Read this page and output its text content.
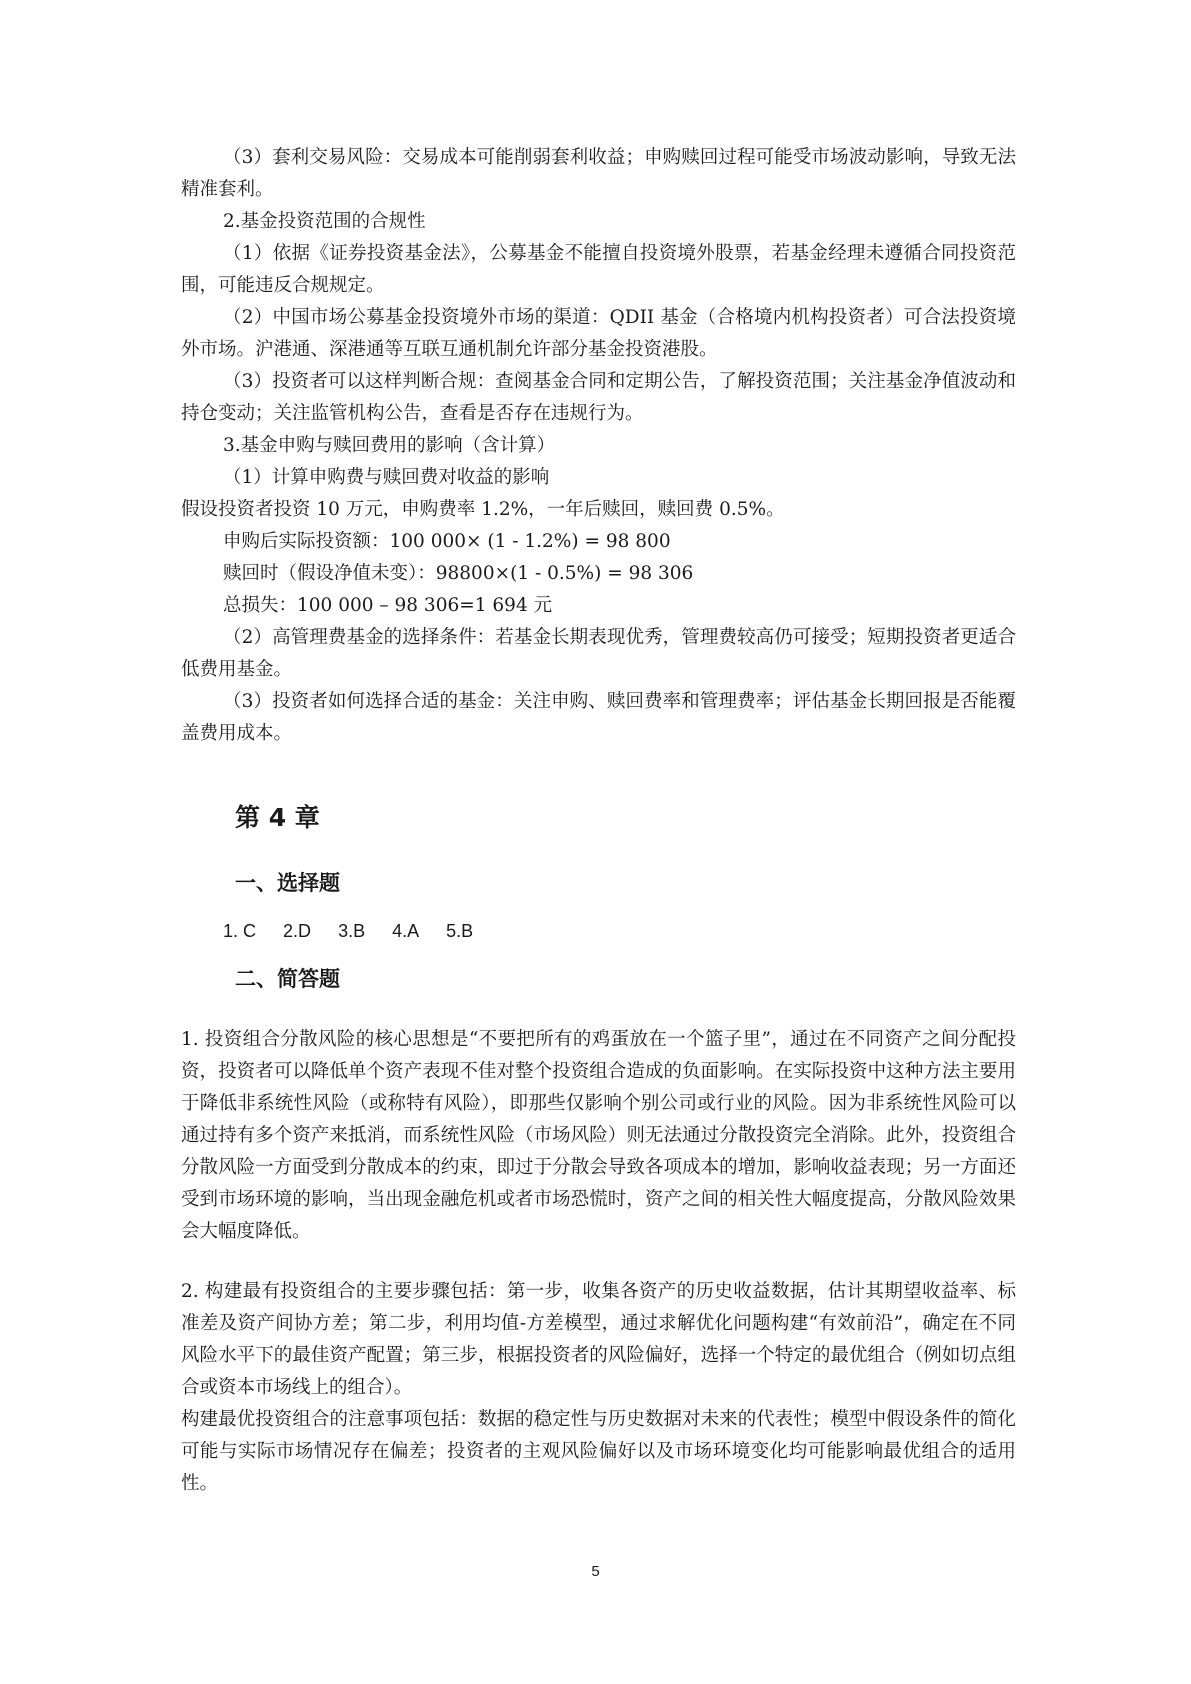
（3）套利交易风险：交易成本可能削弱套利收益；申购赎回过程可能受市场波动影响，导致无法精准套利。

2.基金投资范围的合规性

（1）依据《证券投资基金法》，公募基金不能擅自投资境外股票，若基金经理未遵循合同投资范围，可能违反合规规定。

（2）中国市场公募基金投资境外市场的渠道：QDII 基金（合格境内机构投资者）可合法投资境外市场。沪港通、深港通等互联互通机制允许部分基金投资港股。

（3）投资者可以这样判断合规：查阅基金合同和定期公告，了解投资范围；关注基金净值波动和持仓变动；关注监管机构公告，查看是否存在违规行为。

3.基金申购与赎回费用的影响（含计算）

（1）计算申购费与赎回费对收益的影响

假设投资者投资 10 万元，申购费率 1.2%，一年后赎回，赎回费 0.5%。

申购后实际投资额：100 000× (1 - 1.2%) = 98 800

赎回时（假设净值未变）：98800×(1 - 0.5%) = 98 306

总损失：100 000 – 98 306=1 694 元

（2）高管理费基金的选择条件：若基金长期表现优秀，管理费较高仍可接受；短期投资者更适合低费用基金。

（3）投资者如何选择合适的基金：关注申购、赎回费率和管理费率；评估基金长期回报是否能覆盖费用成本。

第 4 章
一、选择题

1. C 2.D 3.B 4.A 5.B

二、简答题

1. 投资组合分散风险的核心思想是“不要把所有的鸡蛋放在一个篮子里”，通过在不同资产之间分配投资，投资者可以降低单个资产表现不佳对整个投资组合造成的负面影响。在实际投资中这种方法主要用于降低非系统性风险（或称特有风险），即那些仅影响个别公司或行业的风险。因为非系统性风险可以通过持有多个资产来抵消，而系统性风险（市场风险）则无法通过分散投资完全消除。此外，投资组合分散风险一方面受到分散成本的约束，即过于分散会导致各项成本的增加，影响收益表现；另一方面还受到市场环境的影响，当出现金融危机或者市场恐慌时，资产之间的相关性大幅度提高，分散风险效果会大幅度降低。

2. 构建最有投资组合的主要步骤包括：第一步，收集各资产的历史收益数据，估计其期望收益率、标准差及资产间协方差；第二步，利用均值-方差模型，通过求解优化问题构建“有效前沿”，确定在不同风险水平下的最佳资产配置；第三步，根据投资者的风险偏好，选择一个特定的最优组合（例如切点组合或资本市场线上的组合）。

构建最优投资组合的注意事项包括：数据的稳定性与历史数据对未来的代表性；模型中假设条件的简化可能与实际市场情况存在偏差；投资者的主观风险偏好以及市场环境变化均可能影响最优组合的适用性。

5
